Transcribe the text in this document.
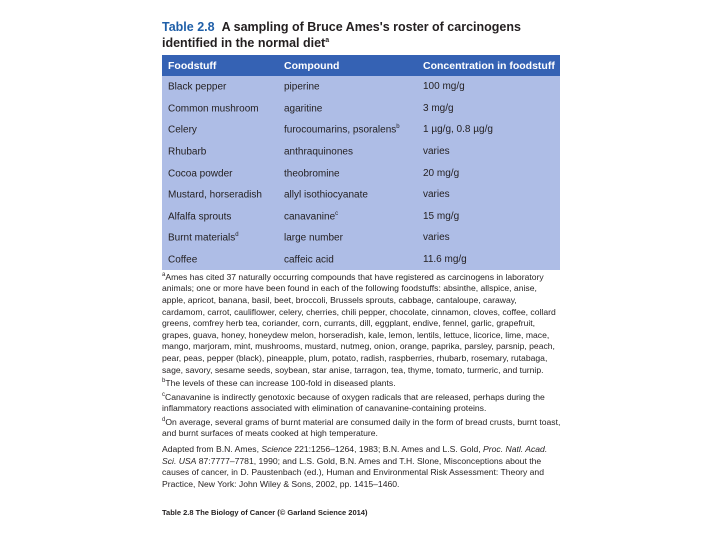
Table 2.8 A sampling of Bruce Ames's roster of carcinogens identified in the normal diet$^a$
Foodstuff	Compound	Concentration in foodstuff
Black pepper	piperine	100 mg/g
Common mushroom	agaritine	3 mg/g
Celery	furocoumarins, psoralens$^b$	1 µg/g, 0.8 µg/g
Rhubarb	anthraquinones	varies
Cocoa powder	theobromine	20 mg/g
Mustard, horseradish	allyl isothiocyanate	varies
Alfalfa sprouts	canavanine$^c$	15 mg/g
Burnt materials$^d$	large number	varies
Coffee	caffeic acid	11.6 mg/g

$^a$Ames has cited 37 naturally occurring compounds that have registered as carcinogens in laboratory animals; one or more have been found in each of the following foodstuffs: absinthe, allspice, anise, apple, apricot, banana, basil, beet, broccoli, Brussels sprouts, cabbage, cantaloupe, caraway, cardamom, carrot, cauliflower, celery, cherries, chili pepper, chocolate, cinnamon, cloves, coffee, collard greens, comfrey herb tea, coriander, corn, currants, dill, eggplant, endive, fennel, garlic, grapefruit, grapes, guava, honey, honeydew melon, horseradish, kale, lemon, lentils, lettuce, licorice, lime, mace, mango, marjoram, mint, mushrooms, mustard, nutmeg, onion, orange, paprika, parsley, parsnip, peach, pear, peas, pepper (black), pineapple, plum, potato, radish, raspberries, rhubarb, rosemary, rutabaga, sage, savory, sesame seeds, soybean, star anise, tarragon, tea, thyme, tomato, turmeric, and turnip.

$^b$The levels of these can increase 100-fold in diseased plants.

$^c$Canavanine is indirectly genotoxic because of oxygen radicals that are released, perhaps during the inflammatory reactions associated with elimination of canavanine-containing proteins.

$^d$On average, several grams of burnt material are consumed daily in the form of bread crusts, burnt toast, and burnt surfaces of meats cooked at high temperature.

Adapted from B.N. Ames, Science 221:1256–1264, 1983; B.N. Ames and L.S. Gold, Proc. Natl. Acad. Sci. USA 87:7777–7781, 1990; and L.S. Gold, B.N. Ames and T.H. Slone, Misconceptions about the causes of cancer, in D. Paustenbach (ed.), Human and Environmental Risk Assessment: Theory and Practice, New York: John Wiley & Sons, 2002, pp. 1415–1460.
Table 2.8 The Biology of Cancer (© Garland Science 2014)
